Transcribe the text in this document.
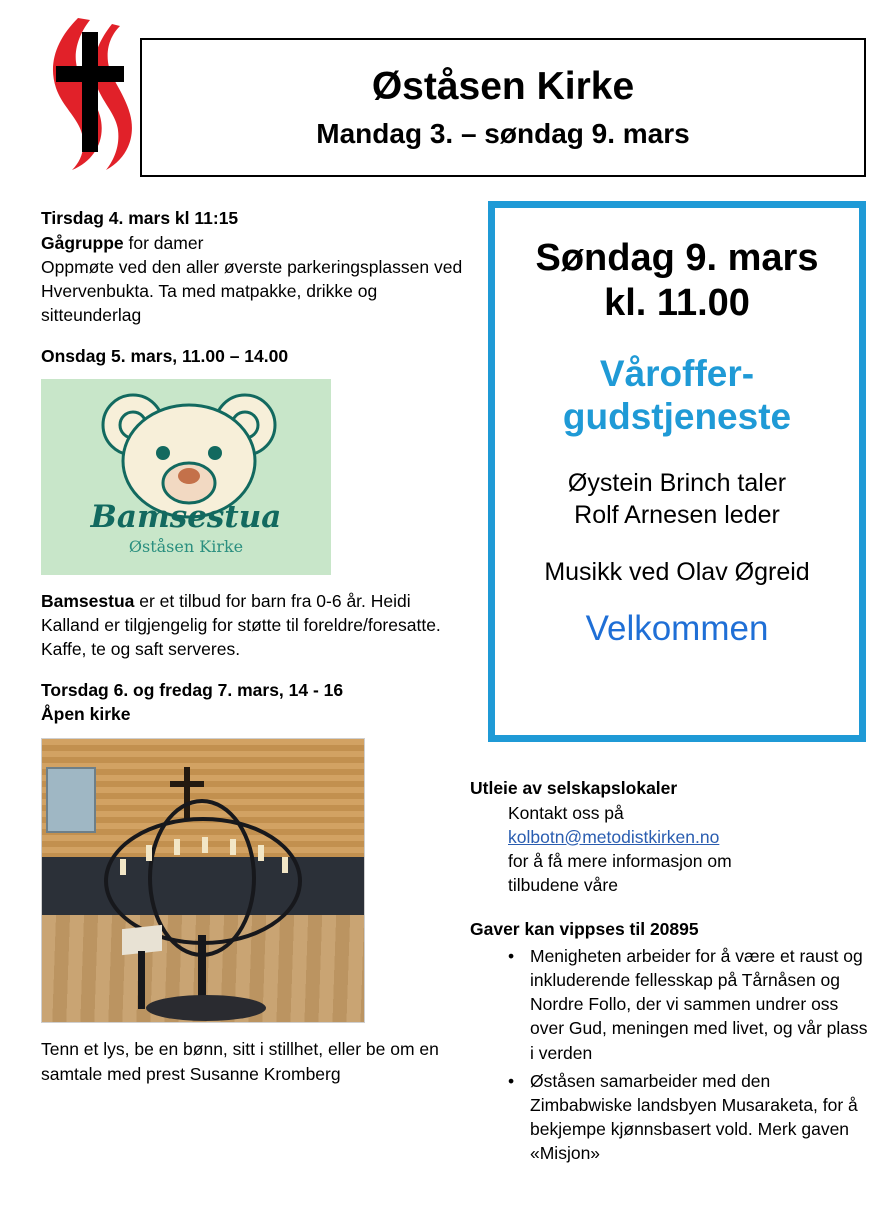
Øståsen Kirke
Mandag 3. – søndag 9. mars
Tirsdag 4. mars kl 11:15
Gågruppe for damer
Oppmøte ved den aller øverste parkeringsplassen ved Hvervenbukta. Ta med matpakke, drikke og sitteunderlag
Onsdag 5. mars, 11.00 – 14.00
Bamsestua
Øståsen Kirke
Bamsestua er et tilbud for barn fra 0-6 år. Heidi Kalland er tilgjengelig for støtte til foreldre/foresatte. Kaffe, te og saft serveres.
Torsdag 6. og fredag 7. mars, 14 - 16
Åpen kirke
Tenn et lys, be en bønn, sitt i stillhet, eller be om en samtale med prest Susanne Kromberg
Søndag 9. mars
kl. 11.00
Våroffer-
gudstjeneste
Øystein Brinch taler
Rolf Arnesen leder
Musikk ved Olav Øgreid
Velkommen
Utleie av selskapslokaler
Kontakt oss på
kolbotn@metodistkirken.no
for å få mere informasjon om
tilbudene våre
Gaver kan vippses til 20895
• Menigheten arbeider for å være et raust og inkluderende fellesskap på Tårnåsen og Nordre Follo, der vi sammen undrer oss over Gud, meningen med livet, og vår plass i verden
• Øståsen samarbeider med den Zimbabwiske landsbyen Musaraketa, for å bekjempe kjønnsbasert vold. Merk gaven «Misjon»
